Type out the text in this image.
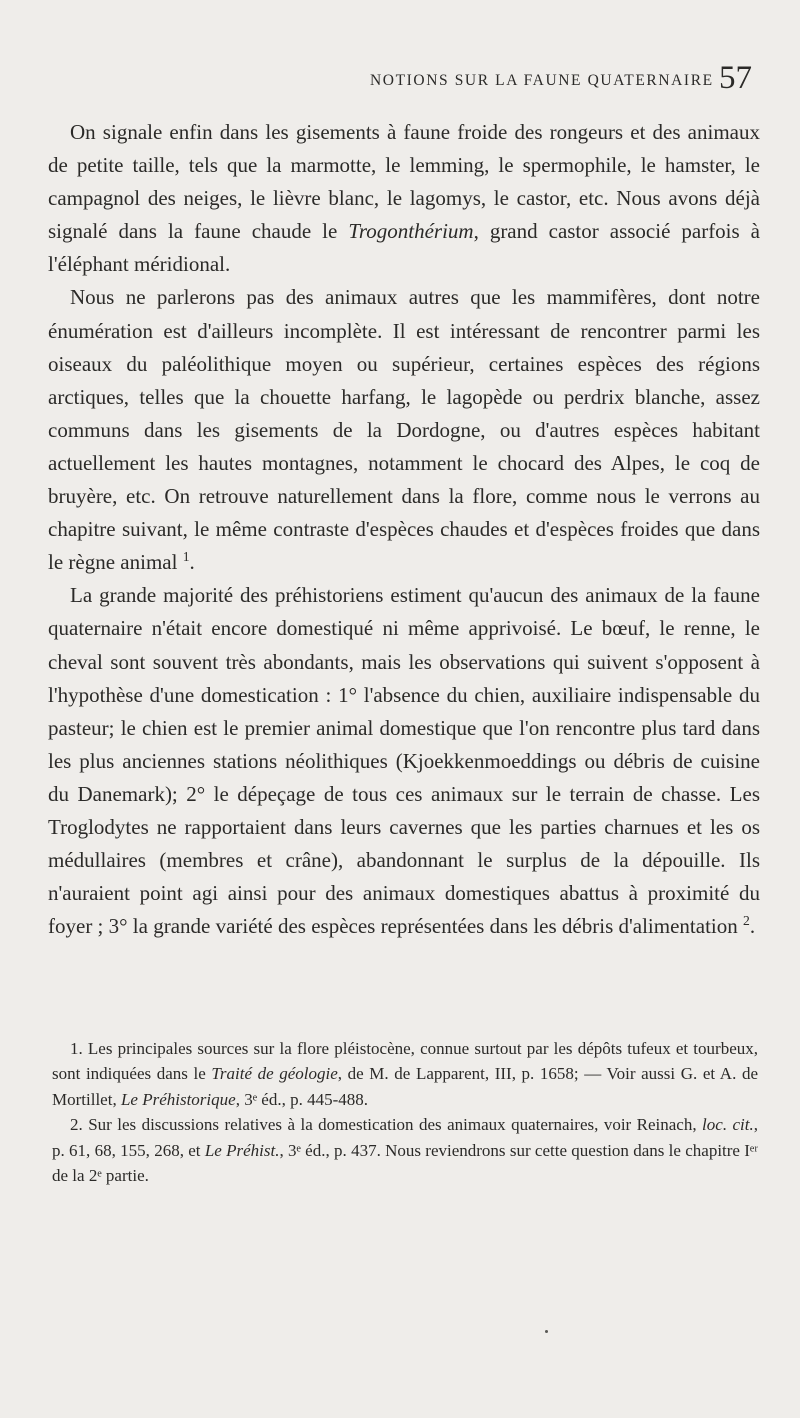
NOTIONS SUR LA FAUNE QUATERNAIRE 57

On signale enfin dans les gisements à faune froide des rongeurs et des animaux de petite taille, tels que la marmotte, le lemming, le spermophile, le hamster, le campagnol des neiges, le lièvre blanc, le lagomys, le castor, etc. Nous avons déjà signalé dans la faune chaude le Trogonthérium, grand castor associé parfois à l'éléphant méridional.

Nous ne parlerons pas des animaux autres que les mammifères, dont notre énumération est d'ailleurs incomplète. Il est intéressant de rencontrer parmi les oiseaux du paléolithique moyen ou supérieur, certaines espèces des régions arctiques, telles que la chouette harfang, le lagopède ou perdrix blanche, assez communs dans les gisements de la Dordogne, ou d'autres espèces habitant actuellement les hautes montagnes, notamment le chocard des Alpes, le coq de bruyère, etc. On retrouve naturellement dans la flore, comme nous le verrons au chapitre suivant, le même contraste d'espèces chaudes et d'espèces froides que dans le règne animal $^1$.

La grande majorité des préhistoriens estiment qu'aucun des animaux de la faune quaternaire n'était encore domestiqué ni même apprivoisé. Le bœuf, le renne, le cheval sont souvent très abondants, mais les observations qui suivent s'opposent à l'hypothèse d'une domestication : 1° l'absence du chien, auxiliaire indispensable du pasteur; le chien est le premier animal domestique que l'on rencontre plus tard dans les plus anciennes stations néolithiques (Kjoekkenmoeddings ou débris de cuisine du Danemark); 2° le dépeçage de tous ces animaux sur le terrain de chasse. Les Troglodytes ne rapportaient dans leurs cavernes que les parties charnues et les os médullaires (membres et crâne), abandonnant le surplus de la dépouille. Ils n'auraient point agi ainsi pour des animaux domestiques abattus à proximité du foyer ; 3° la grande variété des espèces représentées dans les débris d'alimentation $^2$.

1. Les principales sources sur la flore pléistocène, connue surtout par les dépôts tufeux et tourbeux, sont indiquées dans le Traité de géologie, de M. de Lapparent, III, p. 1658; — Voir aussi G. et A. de Mortillet, Le Préhistorique, 3ᵉ éd., p. 445-488.

2. Sur les discussions relatives à la domestication des animaux quaternaires, voir Reinach, loc. cit., p. 61, 68, 155, 268, et Le Préhist., 3ᵉ éd., p. 437. Nous reviendrons sur cette question dans le chapitre Iᵉʳ de la 2ᵉ partie.
